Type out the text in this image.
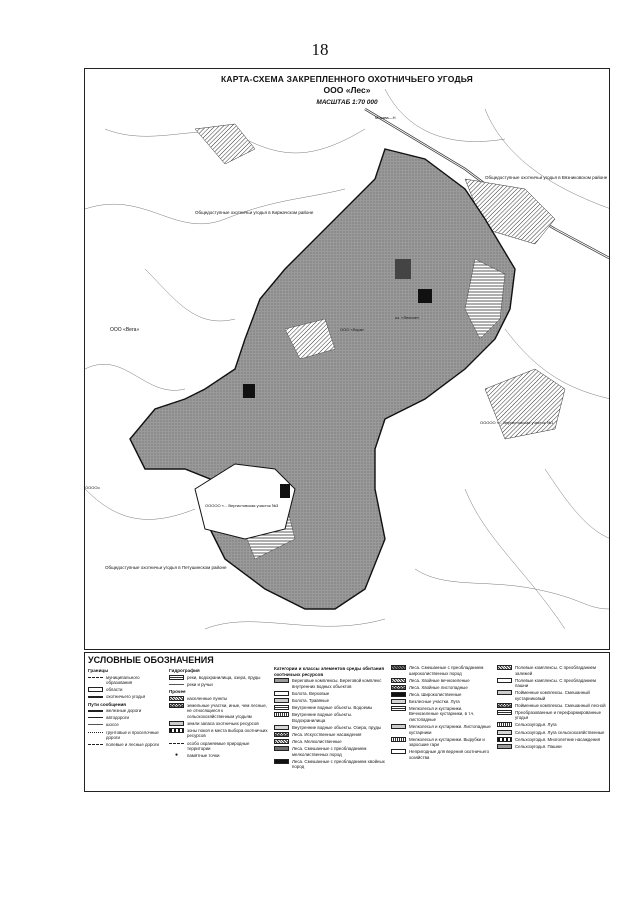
18
КАРТА-СХЕМА ЗАКРЕПЛЕННОГО ОХОТНИЧЬЕГО УГОДЬЯ
ООО «Лес»
МАСШТАБ 1:70 000
Общедоступные охотничьи угодья в Вязниковском районе
Общедоступные охотничьи угодья в Киржачском районе
Общедоступные охотничьи угодья в Петушинском районе
ООО «Вега»	ООО «Лира»
ООООО «... Вергистовская участок №3
ООООО «... Вергистовская участок №1
оз. «Лесное»
ООООо
Москва—Н
УСЛОВНЫЕ ОБОЗНАЧЕНИЯ
Границы
муниципального образования
области
охотничьего угодья
Пути сообщения
железные дороги
автодороги
шоссе
грунтовые и проселочные дороги
полевые и лесные дороги
Гидрография
реки, водохранилища, озера, пруды
реки и ручьи
Прочее
населенные пункты
земельные участки, иные, чем лесные, не относящиеся к сельскохозяйственным угодьям
земли запаса охотничьих ресурсов
зоны покоя и места выбора охотничьих ресурсов
особо охраняемые природные территории
●	памятные точки
Категории и классы элементов среды обитания охотничьих ресурсов
Береговые комплексы. Береговой комплекс внутренних водных объектов
Болота. Верховые
Болота. Травяные
Внутренние водные объекты. Водоемы
Внутренние водные объекты. Водохранилища
Внутренние водные объекты. Озера, пруды
Леса. Искусственные насаждения
Леса. Мелколиственные
Леса. Смешанные с преобладанием мелколиственных пород
Леса. Смешанные с преобладанием хвойных пород
Леса. Смешанные с преобладанием широколиственных пород
Леса. Хвойные вечнозеленые
Леса. Хвойные листопадные
Леса. Широколиственные
Безлесные участки. Луга
Мелколесья и кустарники. Вечнозеленые кустарники, в т.ч. листопадные
Мелколесья и кустарники. Листопадные кустарники
Мелколесья и кустарники. Вырубки и заросшие гари
Непригодные для ведения охотничьего хозяйства
Полевые комплексы. С преобладанием залежей
Полевые комплексы. С преобладанием пашни
Пойменные комплексы. Смешанный кустарниковый
Пойменные комплексы. Смешанный лесной
Преобразованные и переформированные угодья
Сельхозугодья. Луга
Сельхозугодья. Луга сельскохозяйственные
Сельхозугодья. Многолетние насаждения
Сельхозугодья. Пашни
